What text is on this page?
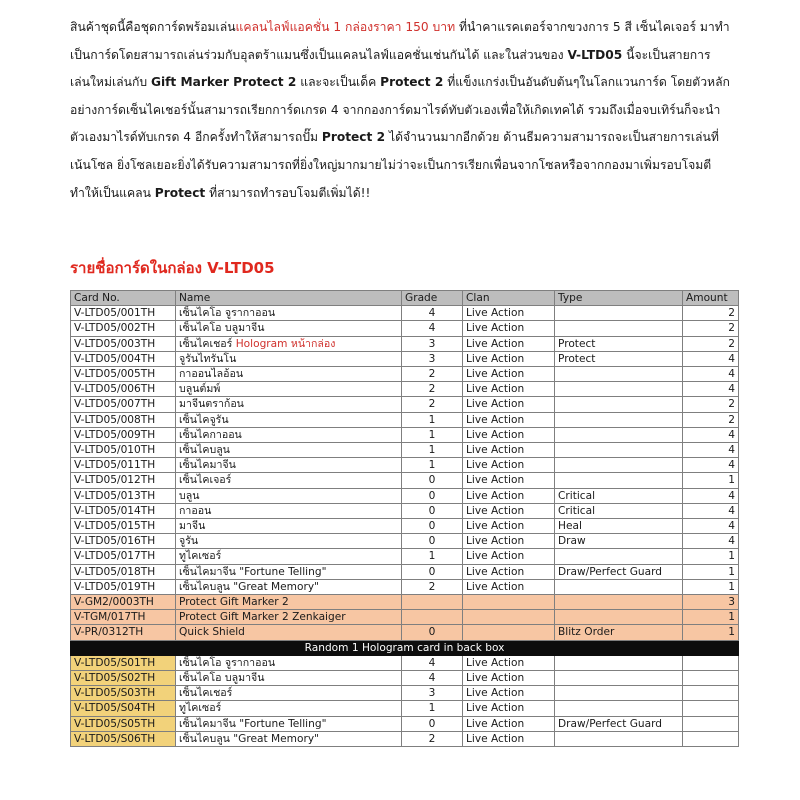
สินค้าชุดนี้คือชุดการ์ดพร้อมเล่นแคลนไลฟ์แอคชั่น 1 กล่องราคา 150 บาท ที่นำคาแรคเตอร์จากขวงการ 5 สี เซ็นไคเจอร์ มาทำเป็นการ์ดโดยสามารถเล่นร่วมกับอุลตร้าแมนซึ่งเป็นแคลนไลฟ์แอคชั่นเช่นกันได้ และในส่วนของ V-LTD05 นี้จะเป็นสายการเล่นใหม่เล่นกับ Gift Marker Protect 2 และจะเป็นเด็ค Protect 2 ที่แข็งแกร่งเป็นอันดับต้นๆในโลกแวนการ์ด โดยตัวหลักอย่างการ์ดเซ็นไคเชอร์นั้นสามารถเรียกการ์ดเกรด 4 จากกองการ์ดมาไรด์ทับตัวเองเพื่อให้เกิดเทคได้ รวมถึงเมื่อจบเทิร์นก็จะนำตัวเองมาไรด์ทับเกรด 4 อีกครั้งทำให้สามารถปั๊ม Protect 2 ได้จำนวนมากอีกด้วย ด้านธีมความสามารถจะเป็นสายการเล่นที่เน้นโซล ยิ่งโซลเยอะยิ่งได้รับความสามารถที่ยิ่งใหญ่มากมายไม่ว่าจะเป็นการเรียกเพื่อนจากโซลหรือจากกองมาเพิ่มรอบโจมตี ทำให้เป็นแคลน Protect ที่สามารถทำรอบโจมตีเพิ่มได้!!

รายชื่อการ์ดในกล่อง V-LTD05
Card No.	Name	Grade	Clan	Type	Amount
V-LTD05/001TH	เซ็นไคโอ จูรากาออน	4	Live Action		2
V-LTD05/002TH	เซ็นไคโอ บลูมาจีน	4	Live Action		2
V-LTD05/003TH	เซ็นไคเชอร์ Hologram หน้ากล่อง	3	Live Action	Protect	2
V-LTD05/004TH	จูรันไทรันโน	3	Live Action	Protect	4
V-LTD05/005TH	กาออนไลอ้อน	2	Live Action		4
V-LTD05/006TH	บลูนต์มพ์	2	Live Action		4
V-LTD05/007TH	มาจีนตราก้อน	2	Live Action		2
V-LTD05/008TH	เซ็นไคจูรัน	1	Live Action		2
V-LTD05/009TH	เซ็นไคกาออน	1	Live Action		4
V-LTD05/010TH	เซ็นไคบลูน	1	Live Action		4
V-LTD05/011TH	เซ็นไคมาจีน	1	Live Action		4
V-LTD05/012TH	เซ็นไคเจอร์	0	Live Action		1
V-LTD05/013TH	บลูน	0	Live Action	Critical	4
V-LTD05/014TH	กาออน	0	Live Action	Critical	4
V-LTD05/015TH	มาจีน	0	Live Action	Heal	4
V-LTD05/016TH	จูรัน	0	Live Action	Draw	4
V-LTD05/017TH	ทูไคเซอร์	1	Live Action		1
V-LTD05/018TH	เซ็นไคมาจีน "Fortune Telling"	0	Live Action	Draw/Perfect Guard	1
V-LTD05/019TH	เซ็นไคบลูน "Great Memory"	2	Live Action		1
V-GM2/0003TH	Protect Gift Marker 2				3
V-TGM/017TH	Protect Gift Marker 2 Zenkaiger				1
V-PR/0312TH	Quick Shield	0		Blitz Order	1
Random 1 Hologram card in back box					
V-LTD05/S01TH	เซ็นไคโอ จูรากาออน	4	Live Action		
V-LTD05/S02TH	เซ็นไคโอ บลูมาจีน	4	Live Action		
V-LTD05/S03TH	เซ็นไคเชอร์	3	Live Action		
V-LTD05/S04TH	ทูไคเซอร์	1	Live Action		
V-LTD05/S05TH	เซ็นไคมาจีน "Fortune Telling"	0	Live Action	Draw/Perfect Guard	
V-LTD05/S06TH	เซ็นไคบลูน "Great Memory"	2	Live Action		
